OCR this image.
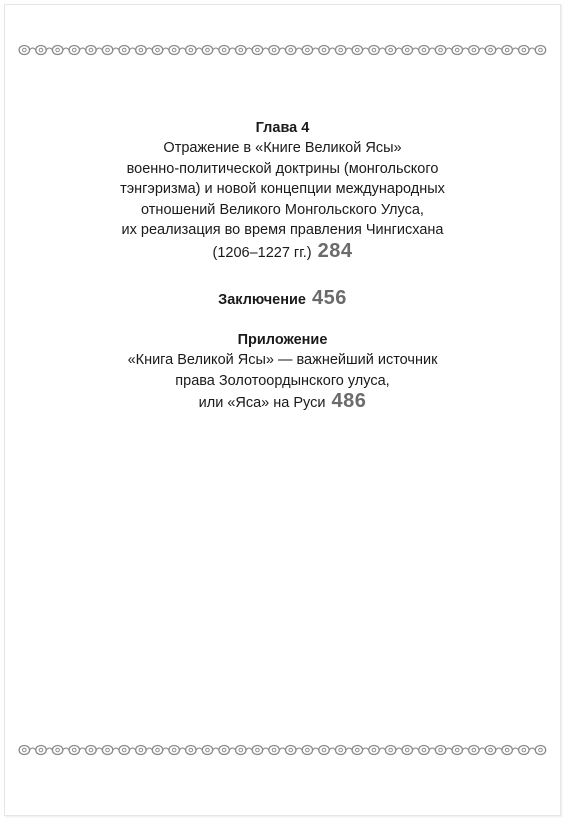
Глава 4
Отражение в «Книге Великой Ясы»
военно-политической доктрины (монгольского
тэнгэризма) и новой концепции международных
отношений Великого Монгольского Улуса,
их реализация во время правления Чингисхана
(1206–1227 гг.) 284
Заключение 456
Приложение
«Книга Великой Ясы» — важнейший источник
права Золотоордынского улуса,
или «Яса» на Руси 486
